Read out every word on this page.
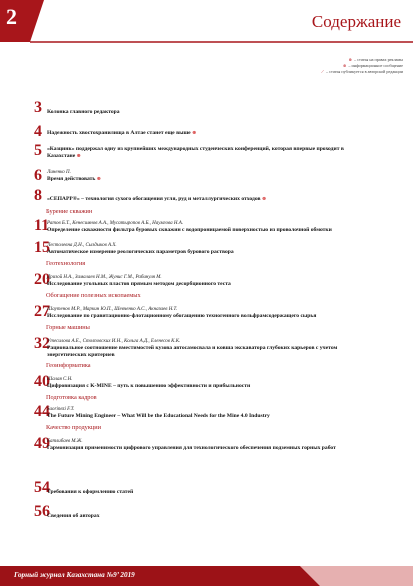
2	Содержание
⊛ – статья на правах рекламы
⊛ – информационное сообщение
⟋ – статья публикуется в авторской редакции
3 Колонка главного редактора
4 Надежность хвостохранилища в Алтае станет еще выше ⊛
5 «Казцинк» поддержал одну из крупнейших международных студенческих конференций, которая впервые проходит в Казахстане ⊛
6 Линенко П.
Время действовать ⊛
8 «СЕПАРР®» – технология сухого обогащения угля, руд и металлургических отходов ⊛
Бурение скважин
11
Ратов Б.Т., Кенесимнов А.А., Мусатыропов А.Б., Наумгова Н.А.
Определение скважности фильтра буровых скважин с водопроницаемой поверхностью из проволочной обмотки
15
Лестолевна Д.Н., Сыздыков А.Х.
Автоматическое измерение реологических параметров бурового раствора
Геотехнология
20
Дризой Н.А., Замалаев Н.М., Жунис Г.М., Рабинуля М.
Исследование угольных пластов прямым методом десорбционного теста
Обогащение полезных ископаемых
27
Шаутенов М.Р., Маркин Ю.П., Шевченко А.С., Акназаев Н.Т.
Исследование по гравитационно-флотационному обогащению техногенного вольфрамсодержащего сырья
Горные машины
32
Утесилова А.Е., Столповских И.Н., Кольга А.Д., Еленесов К.К.
Рациональное соотношение вместимостей кузова автосамосвала и ковша экскаватора глубоких карьеров с учетом энергетических критериев
Геоинформатика
40
Шалая С.Н.
Цифровизация с K-MINE – путь к повышению эффективности и прибыльности
Подготовка кадров
44
Saorinezi F.T.
The Future Mining Engineer – What Will be the Educational Needs for the Mine 4.0 Industry
Качество продукции
49
Батлибаев М.Ж.
Гармонизация применимости цифрового управления для технологического обеспечения подземных горных работ
54
Требования к оформлению статей
56
Сведения об авторах
Горный журнал Казахстана №9’ 2019
